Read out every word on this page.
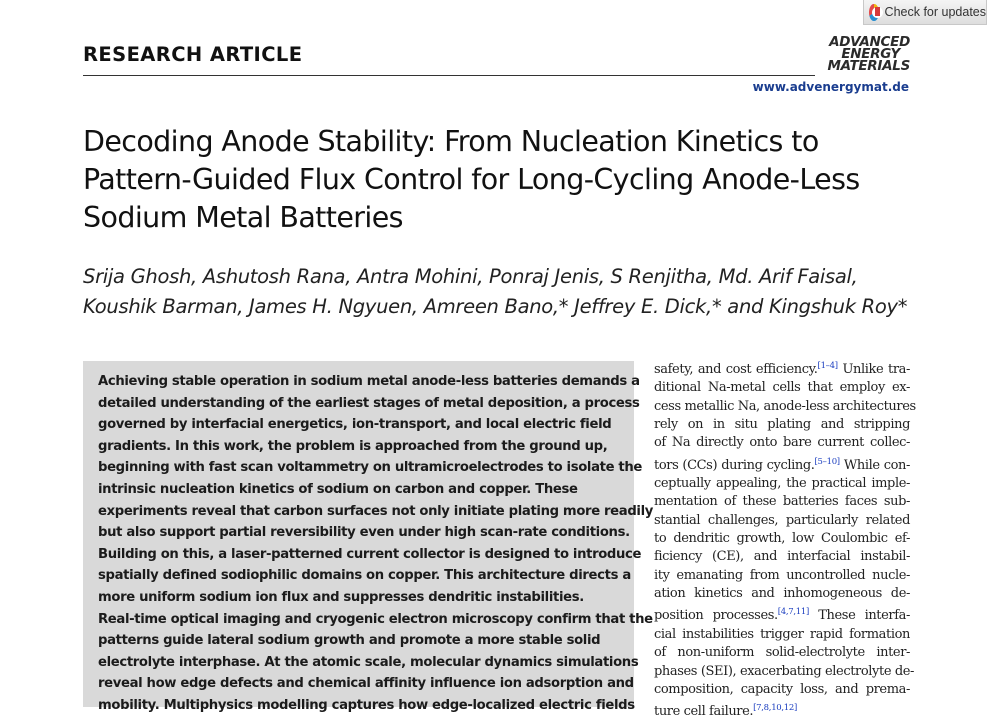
Check for updates
RESEARCH ARTICLE
ADVANCED
ENERGY
MATERIALS
www.advenergymat.de
Decoding Anode Stability: From Nucleation Kinetics to
Pattern-Guided Flux Control for Long-Cycling Anode-Less
Sodium Metal Batteries
Srija Ghosh, Ashutosh Rana, Antra Mohini, Ponraj Jenis, S Renjitha, Md. Arif Faisal,
Koushik Barman, James H. Ngyuen, Amreen Bano,* Jeffrey E. Dick,* and Kingshuk Roy*
Achieving stable operation in sodium metal anode-less batteries demands a
detailed understanding of the earliest stages of metal deposition, a process
governed by interfacial energetics, ion-transport, and local electric field
gradients. In this work, the problem is approached from the ground up,
beginning with fast scan voltammetry on ultramicroelectrodes to isolate the
intrinsic nucleation kinetics of sodium on carbon and copper. These
experiments reveal that carbon surfaces not only initiate plating more readily
but also support partial reversibility even under high scan-rate conditions.
Building on this, a laser-patterned current collector is designed to introduce
spatially defined sodiophilic domains on copper. This architecture directs a
more uniform sodium ion flux and suppresses dendritic instabilities.
Real-time optical imaging and cryogenic electron microscopy confirm that the
patterns guide lateral sodium growth and promote a more stable solid
electrolyte interphase. At the atomic scale, molecular dynamics simulations
reveal how edge defects and chemical affinity influence ion adsorption and
mobility. Multiphysics modelling captures how edge-localized electric fields
safety, and cost efficiency.[1–4] Unlike tra-
ditional Na-metal cells that employ ex-
cess metallic Na, anode-less architectures
rely on in situ plating and stripping
of Na directly onto bare current collec-
tors (CCs) during cycling.[5–10] While con-
ceptually appealing, the practical imple-
mentation of these batteries faces sub-
stantial challenges, particularly related
to dendritic growth, low Coulombic ef-
ficiency (CE), and interfacial instabil-
ity emanating from uncontrolled nucle-
ation kinetics and inhomogeneous de-
position processes.[4,7,11] These interfa-
cial instabilities trigger rapid formation
of non-uniform solid-electrolyte inter-
phases (SEI), exacerbating electrolyte de-
composition, capacity loss, and prema-
ture cell failure.[7,8,10,12]
